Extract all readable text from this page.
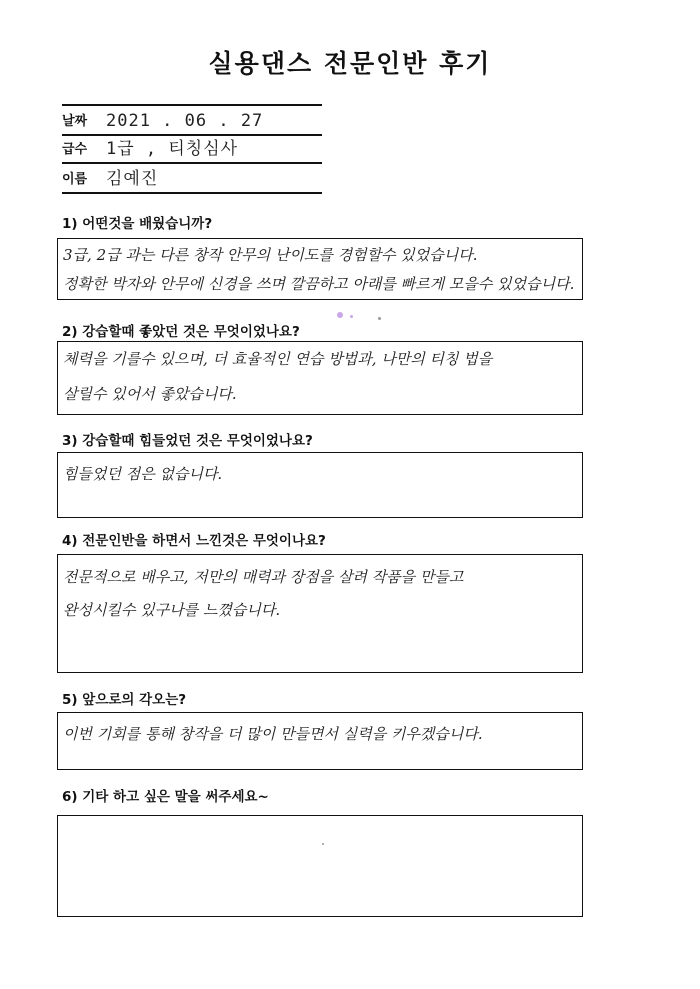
실용댄스 전문인반 후기
날짜 2021 . 06 . 27
급수 1급 , 티칭심사
이름 김예진
1) 어떤것을 배웠습니까?
3급, 2급 과는 다른 창작 안무의 난이도를 경험할수 있었습니다.
정확한 박자와 안무에 신경을 쓰며 깔끔하고 아래를 빠르게 모을수 있었습니다.
2) 강습할때 좋았던 것은 무엇이었나요?
체력을 기를수 있으며, 더 효율적인 연습 방법과, 나만의 티칭 법을
살릴수 있어서 좋았습니다.
3) 강습할때 힘들었던 것은 무엇이었나요?
힘들었던 점은 없습니다.
4) 전문인반을 하면서 느낀것은 무엇이나요?
전문적으로 배우고, 저만의 매력과 장점을 살려 작품을 만들고
완성시킬수 있구나를 느꼈습니다.
5) 앞으로의 각오는?
이번 기회를 통해 창작을 더 많이 만들면서 실력을 키우겠습니다.
6) 기타 하고 싶은 말을 써주세요~
